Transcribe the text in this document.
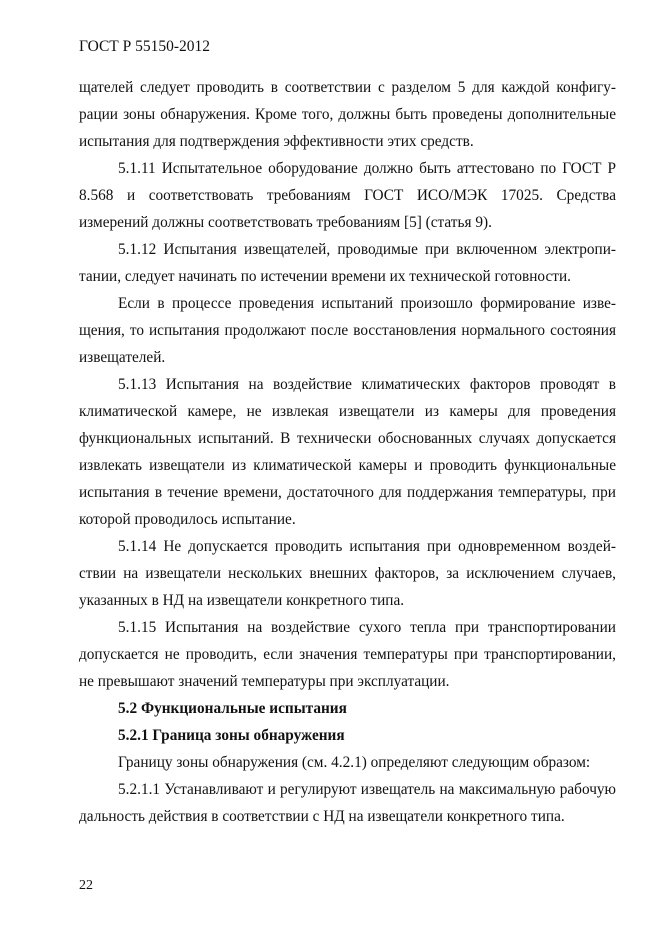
ГОСТ Р 55150-2012

щателей следует проводить в соответствии с разделом 5 для каждой конфигурации зоны обнаружения. Кроме того, должны быть проведены дополнительные испытания для подтверждения эффективности этих средств.

5.1.11 Испытательное оборудование должно быть аттестовано по ГОСТ Р 8.568 и соответствовать требованиям ГОСТ ИСО/МЭК 17025. Средства измерений должны соответствовать требованиям [5] (статья 9).

5.1.12 Испытания извещателей, проводимые при включенном электропитании, следует начинать по истечении времени их технической готовности.

Если в процессе проведения испытаний произошло формирование извещения, то испытания продолжают после восстановления нормального состояния извещателей.

5.1.13 Испытания на воздействие климатических факторов проводят в климатической камере, не извлекая извещатели из камеры для проведения функциональных испытаний. В технически обоснованных случаях допускается извлекать извещатели из климатической камеры и проводить функциональные испытания в течение времени, достаточного для поддержания температуры, при которой проводилось испытание.

5.1.14 Не допускается проводить испытания при одновременном воздействии на извещатели нескольких внешних факторов, за исключением случаев, указанных в НД на извещатели конкретного типа.

5.1.15 Испытания на воздействие сухого тепла при транспортировании допускается не проводить, если значения температуры при транспортировании, не превышают значений температуры при эксплуатации.

5.2 Функциональные испытания

5.2.1 Граница зоны обнаружения

Границу зоны обнаружения (см. 4.2.1) определяют следующим образом:

5.2.1.1 Устанавливают и регулируют извещатель на максимальную рабочую дальность действия в соответствии с НД на извещатели конкретного типа.

22
